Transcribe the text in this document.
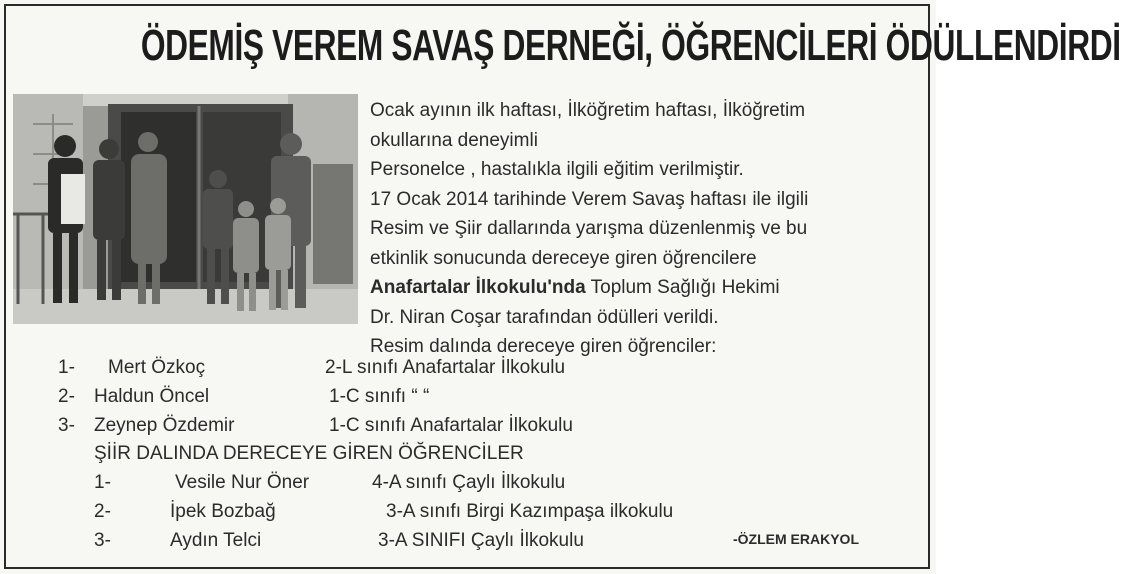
ÖDEMİŞ VEREM SAVAŞ DERNEĞİ, ÖĞRENCİLERİ ÖDÜLLENDİRDİ

Ocak ayının ilk haftası, İlköğretim haftası, İlköğretim

okullarına deneyimli

Personelce , hastalıkla ilgili eğitim verilmiştir.

17 Ocak 2014 tarihinde Verem Savaş haftası ile ilgili

Resim ve Şiir dallarında yarışma düzenlenmiş ve bu

etkinlik sonucunda dereceye giren öğrencilere

Anafartalar İlkokulu'nda Toplum Sağlığı Hekimi

Dr. Niran Coşar tarafından ödülleri verildi.

Resim dalında dereceye giren öğrenciler:

1- Mert Özkoç	2-L sınıfı Anafartalar İlkokulu
2- Haldun Öncel	1-C sınıfı “ “
3- Zeynep Özdemir	1-C sınıfı Anafartalar İlkokulu
ŞİİR DALINDA DERECEYE GİREN ÖĞRENCİLER
1-	Vesile Nur Öner	4-A sınıfı Çaylı İlkokulu
2-	İpek Bozbağ	3-A sınıfı Birgi Kazımpaşa ilkokulu
3-	Aydın Telci	3-A SINIFI Çaylı İlkokulu	-ÖZLEM ERAKYOL
